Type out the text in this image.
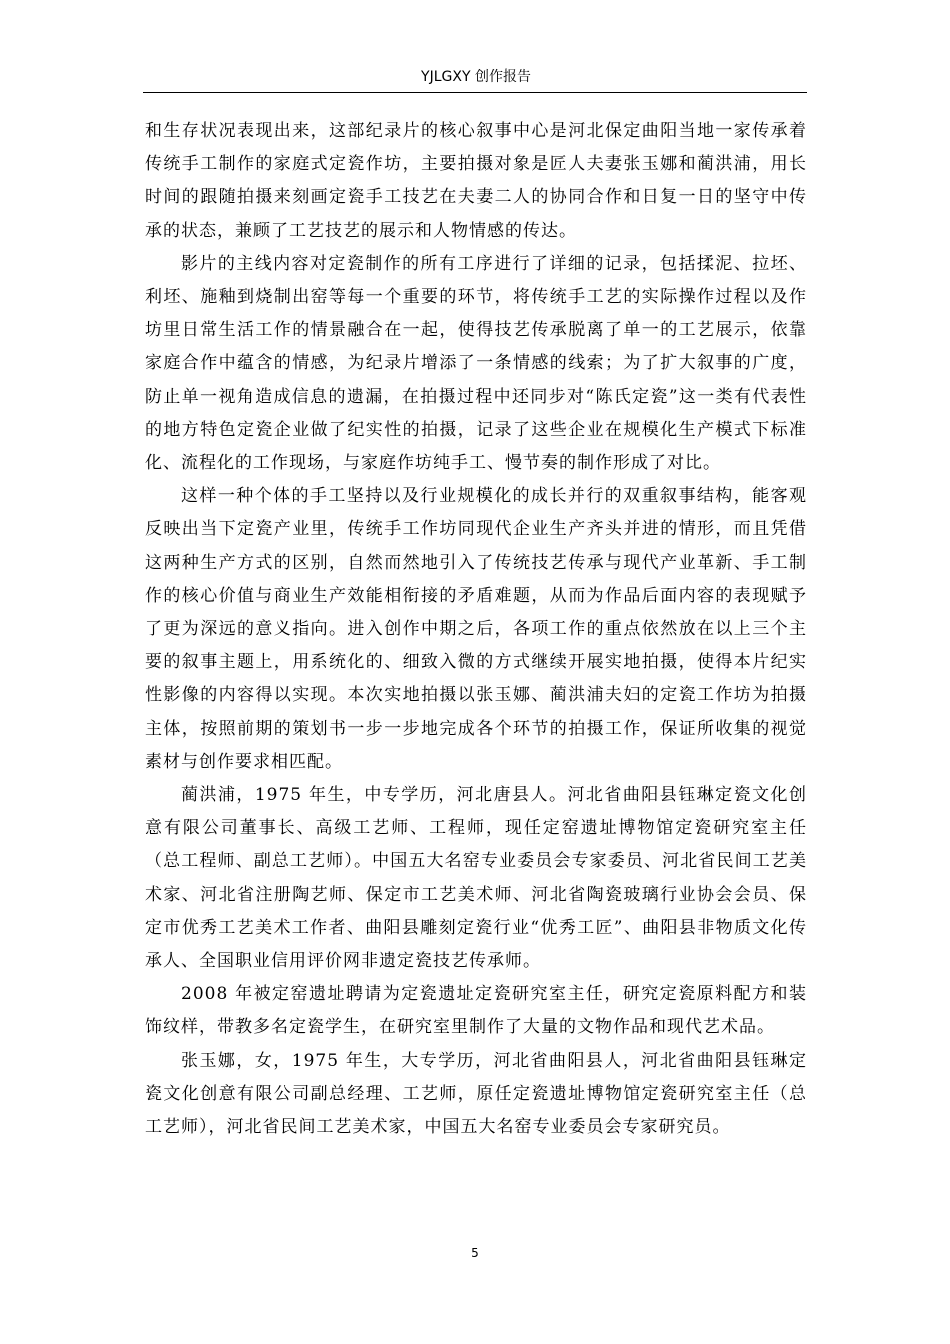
YJLGXY 创作报告

和生存状况表现出来，这部纪录片的核心叙事中心是河北保定曲阳当地一家传承着传统手工制作的家庭式定瓷作坊，主要拍摄对象是匠人夫妻张玉娜和蔺洪浦，用长时间的跟随拍摄来刻画定瓷手工技艺在夫妻二人的协同合作和日复一日的坚守中传承的状态，兼顾了工艺技艺的展示和人物情感的传达。

影片的主线内容对定瓷制作的所有工序进行了详细的记录，包括揉泥、拉坯、利坯、施釉到烧制出窑等每一个重要的环节，将传统手工艺的实际操作过程以及作坊里日常生活工作的情景融合在一起，使得技艺传承脱离了单一的工艺展示，依靠家庭合作中蕴含的情感，为纪录片增添了一条情感的线索；为了扩大叙事的广度，防止单一视角造成信息的遗漏，在拍摄过程中还同步对“陈氏定瓷”这一类有代表性的地方特色定瓷企业做了纪实性的拍摄，记录了这些企业在规模化生产模式下标准化、流程化的工作现场，与家庭作坊纯手工、慢节奏的制作形成了对比。

这样一种个体的手工坚持以及行业规模化的成长并行的双重叙事结构，能客观反映出当下定瓷产业里，传统手工作坊同现代企业生产齐头并进的情形，而且凭借这两种生产方式的区别，自然而然地引入了传统技艺传承与现代产业革新、手工制作的核心价值与商业生产效能相衔接的矛盾难题，从而为作品后面内容的表现赋予了更为深远的意义指向。进入创作中期之后，各项工作的重点依然放在以上三个主要的叙事主题上，用系统化的、细致入微的方式继续开展实地拍摄，使得本片纪实性影像的内容得以实现。本次实地拍摄以张玉娜、蔺洪浦夫妇的定瓷工作坊为拍摄主体，按照前期的策划书一步一步地完成各个环节的拍摄工作，保证所收集的视觉素材与创作要求相匹配。

蔺洪浦，1975 年生，中专学历，河北唐县人。河北省曲阳县钰琳定瓷文化创意有限公司董事长、高级工艺师、工程师，现任定窑遗址博物馆定瓷研究室主任（总工程师、副总工艺师）。中国五大名窑专业委员会专家委员、河北省民间工艺美术家、河北省注册陶艺师、保定市工艺美术师、河北省陶瓷玻璃行业协会会员、保定市优秀工艺美术工作者、曲阳县雕刻定瓷行业“优秀工匠”、曲阳县非物质文化传承人、全国职业信用评价网非遗定瓷技艺传承师。

2008 年被定窑遗址聘请为定瓷遗址定瓷研究室主任，研究定瓷原料配方和装饰纹样，带教多名定瓷学生，在研究室里制作了大量的文物作品和现代艺术品。

张玉娜，女，1975 年生，大专学历，河北省曲阳县人，河北省曲阳县钰琳定瓷文化创意有限公司副总经理、工艺师，原任定瓷遗址博物馆定瓷研究室主任（总工艺师），河北省民间工艺美术家，中国五大名窑专业委员会专家研究员。

5
